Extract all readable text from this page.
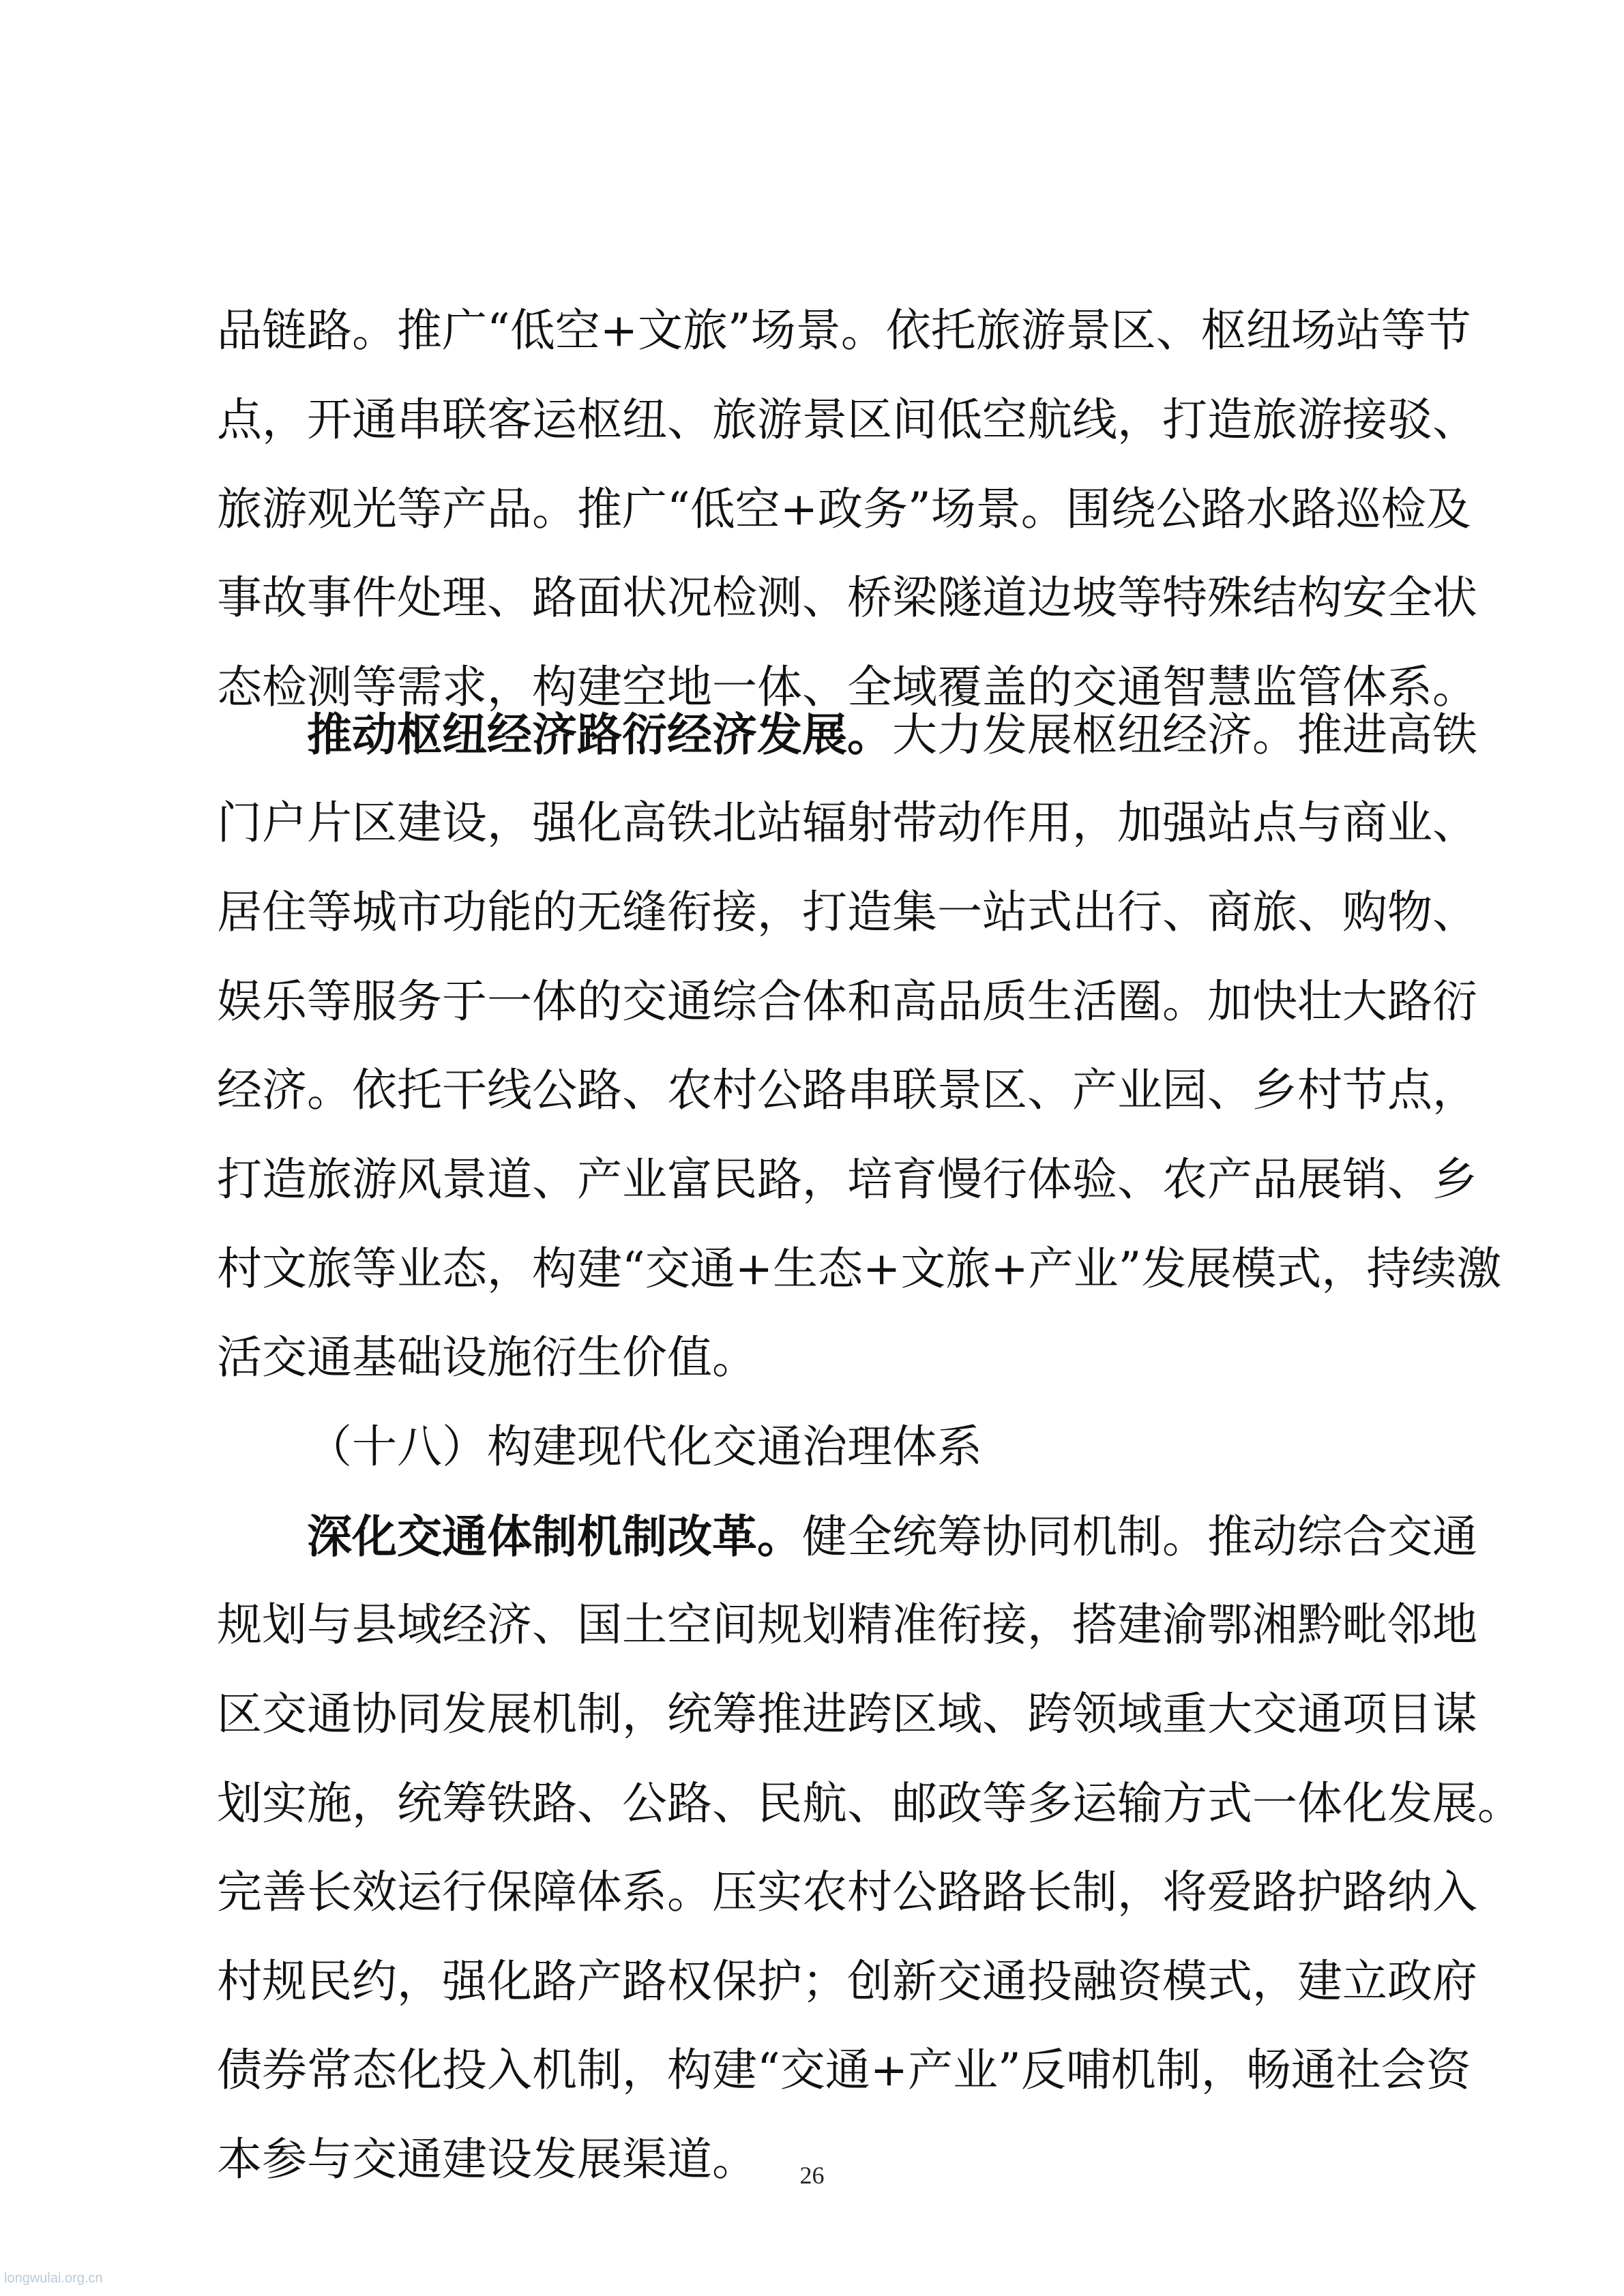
品链路。推广“低空+文旅”场景。依托旅游景区、枢纽场站等节

点，开通串联客运枢纽、旅游景区间低空航线，打造旅游接驳、

旅游观光等产品。推广“低空+政务”场景。围绕公路水路巡检及

事故事件处理、路面状况检测、桥梁隧道边坡等特殊结构安全状

态检测等需求，构建空地一体、全域覆盖的交通智慧监管体系。

推动枢纽经济路衍经济发展。大力发展枢纽经济。推进高铁

门户片区建设，强化高铁北站辐射带动作用，加强站点与商业、

居住等城市功能的无缝衔接，打造集一站式出行、商旅、购物、

娱乐等服务于一体的交通综合体和高品质生活圈。加快壮大路衍

经济。依托干线公路、农村公路串联景区、产业园、乡村节点，

打造旅游风景道、产业富民路，培育慢行体验、农产品展销、乡

村文旅等业态，构建“交通+生态+文旅+产业”发展模式，持续激

活交通基础设施衍生价值。

（十八）构建现代化交通治理体系

深化交通体制机制改革。健全统筹协同机制。推动综合交通

规划与县域经济、国土空间规划精准衔接，搭建渝鄂湘黔毗邻地

区交通协同发展机制，统筹推进跨区域、跨领域重大交通项目谋

划实施，统筹铁路、公路、民航、邮政等多运输方式一体化发展。

完善长效运行保障体系。压实农村公路路长制，将爱路护路纳入

村规民约，强化路产路权保护；创新交通投融资模式，建立政府

债券常态化投入机制，构建“交通+产业”反哺机制，畅通社会资

本参与交通建设发展渠道。	26
longwulai.org.cn
